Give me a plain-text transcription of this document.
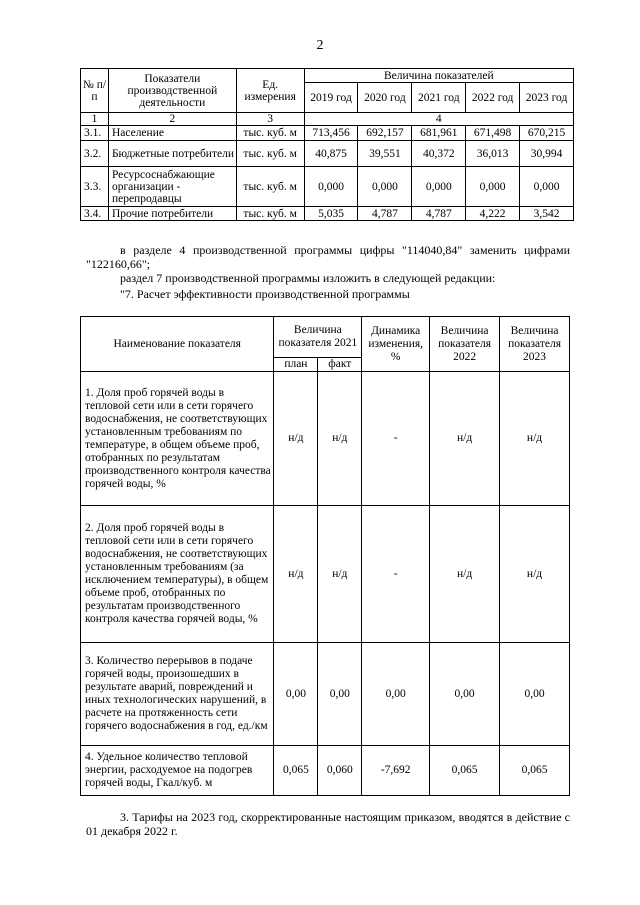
2
№ п/п	Показатели производственной деятельности	Ед. измерения	Величина показателей				
			2019 год	2020 год	2021 год	2022 год	2023 год
1	2	3	4				
3.1.	Население	тыс. куб. м	713,456	692,157	681,961	671,498	670,215
3.2.	Бюджетные потребители	тыс. куб. м	40,875	39,551	40,372	36,013	30,994
3.3.	Ресурсоснабжающие организации - перепродавцы	тыс. куб. м	0,000	0,000	0,000	0,000	0,000
3.4.	Прочие потребители	тыс. куб. м	5,035	4,787	4,787	4,222	3,542
в разделе 4 производственной программы цифры "114040,84" заменить цифрами "122160,66";
раздел 7 производственной программы изложить в следующей редакции:
"7. Расчет эффективности производственной программы
Наименование показателя	Величина показателя 2021		Динамика изменения, %	Величина показателя 2022	Величина показателя 2023
	план	факт			
1. Доля проб горячей воды в тепловой сети или в сети горячего водоснабжения, не соответствующих установленным требованиям по температуре, в общем объеме проб, отобранных по результатам производственного контроля качества горячей воды, %	н/д	н/д	-	н/д	н/д
2. Доля проб горячей воды в тепловой сети или в сети горячего водоснабжения, не соответствующих установленным требованиям (за исключением температуры), в общем объеме проб, отобранных по результатам производственного контроля качества горячей воды, %	н/д	н/д	-	н/д	н/д
3. Количество перерывов в подаче горячей воды, произошедших в результате аварий, повреждений и иных технологических нарушений, в расчете на протяженность сети горячего водоснабжения в год, ед./км	0,00	0,00	0,00	0,00	0,00
4. Удельное количество тепловой энергии, расходуемое на подогрев горячей воды, Гкал/куб. м	0,065	0,060	-7,692	0,065	0,065
3. Тарифы на 2023 год, скорректированные настоящим приказом, вводятся в действие с 01 декабря 2022 г.
